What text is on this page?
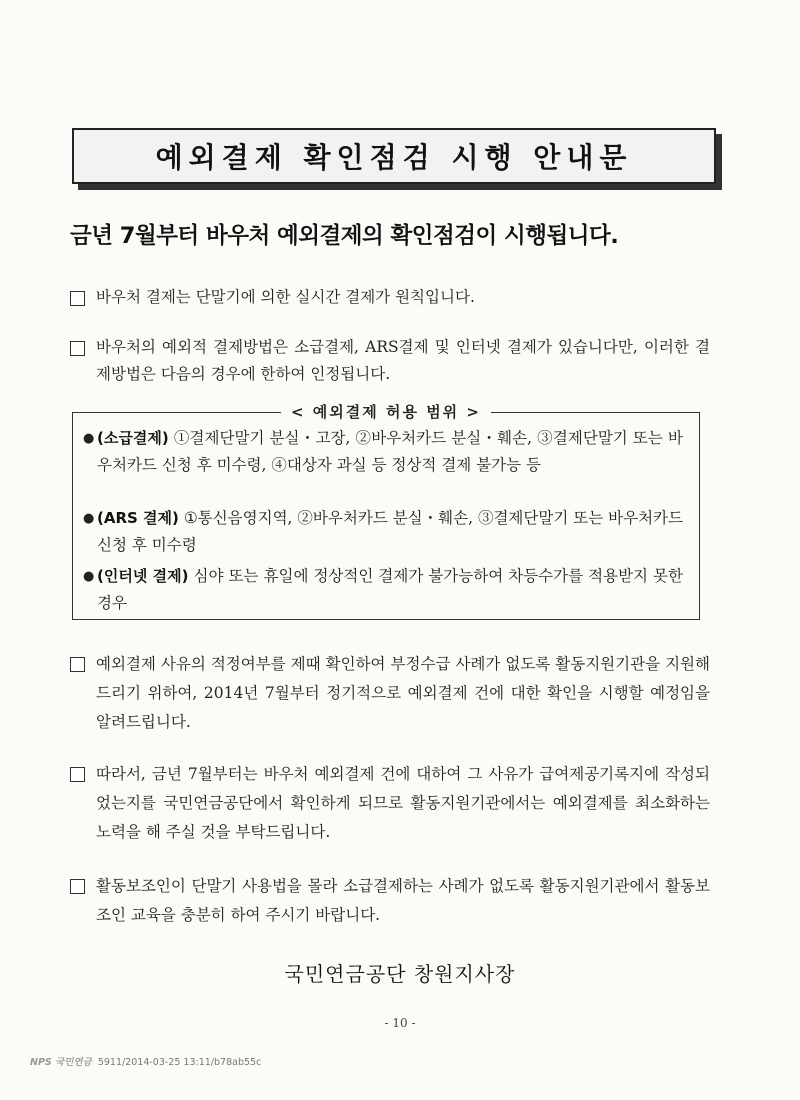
예외결제 확인점검 시행 안내문
금년 7월부터 바우처 예외결제의 확인점검이 시행됩니다.
바우처 결제는 단말기에 의한 실시간 결제가 원칙입니다.
바우처의 예외적 결제방법은 소급결제, ARS결제 및 인터넷 결제가 있습니다만, 이러한 결제방법은 다음의 경우에 한하여 인정됩니다.
< 예외결제 허용 범위 >
● (소급결제) ①결제단말기 분실・고장, ②바우처카드 분실・훼손, ③결제단말기 또는 바우처카드 신청 후 미수령, ④대상자 과실 등 정상적 결제 불가능 등
● (ARS 결제) ①통신음영지역, ②바우처카드 분실・훼손, ③결제단말기 또는 바우처카드 신청 후 미수령
● (인터넷 결제) 심야 또는 휴일에 정상적인 결제가 불가능하여 차등수가를 적용받지 못한 경우
예외결제 사유의 적정여부를 제때 확인하여 부정수급 사례가 없도록 활동지원기관을 지원해 드리기 위하여, 2014년 7월부터 정기적으로 예외결제 건에 대한 확인을 시행할 예정임을 알려드립니다.
따라서, 금년 7월부터는 바우처 예외결제 건에 대하여 그 사유가 급여제공기록지에 작성되었는지를 국민연금공단에서 확인하게 되므로 활동지원기관에서는 예외결제를 최소화하는 노력을 해 주실 것을 부탁드립니다.
활동보조인이 단말기 사용법을 몰라 소급결제하는 사례가 없도록 활동지원기관에서 활동보조인 교육을 충분히 하여 주시기 바랍니다.
국민연금공단 창원지사장
- 10 -
NPS 국민연금 5911/2014-03-25 13:11/b78ab55c
